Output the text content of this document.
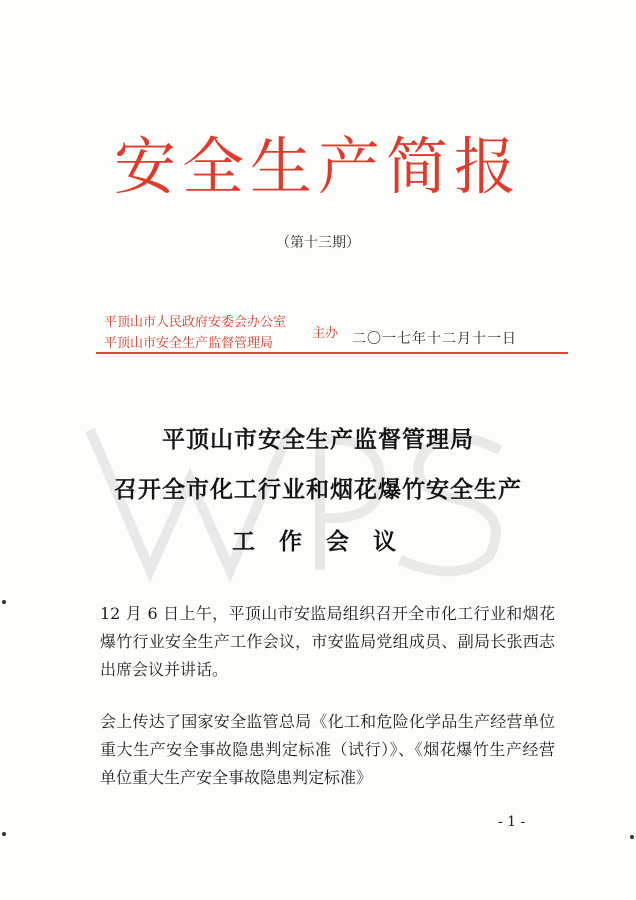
安全生产简报
（第十三期）
平顶山市人民政府安委会办公室
平顶山市安全生产监督管理局
主办 二〇一七年十二月十一日
平顶山市安全生产监督管理局
召开全市化工行业和烟花爆竹安全生产
工 作 会 议
12 月 6 日上午，平顶山市安监局组织召开全市化工行业和烟花爆竹行业安全生产工作会议，市安监局党组成员、副局长张西志出席会议并讲话。
会上传达了国家安全监管总局《化工和危险化学品生产经营单位重大生产安全事故隐患判定标准（试行）》、《烟花爆竹生产经营单位重大生产安全事故隐患判定标准》
- 1 -
